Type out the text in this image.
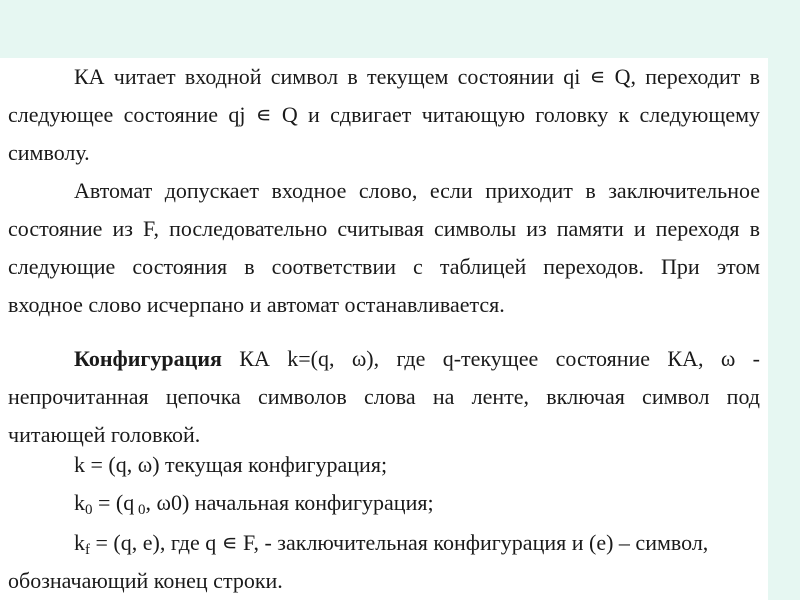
КА читает входной символ в текущем состоянии qi ∊ Q, переходит в
следующее состояние qj ∊ Q и сдвигает читающую головку к следующему
символу.
Автомат допускает входное слово, если приходит в заключительное
состояние из F, последовательно считывая символы из памяти и переходя в
следующие состояния в соответствии с таблицей переходов. При этом
входное слово исчерпано и автомат останавливается.
Конфигурация КА k=(q, ω), где q-текущее состояние КА, ω -
непрочитанная цепочка символов слова на ленте, включая символ под
читающей головкой.
k = (q, ω) текущая конфигурация;
$k_0 = (q$ $_0$, ω0) начальная конфигурация;
$k_f = (q$, e), где q ∊ F, - заключительная конфигурация и (е) – символ,
обозначающий конец строки.
